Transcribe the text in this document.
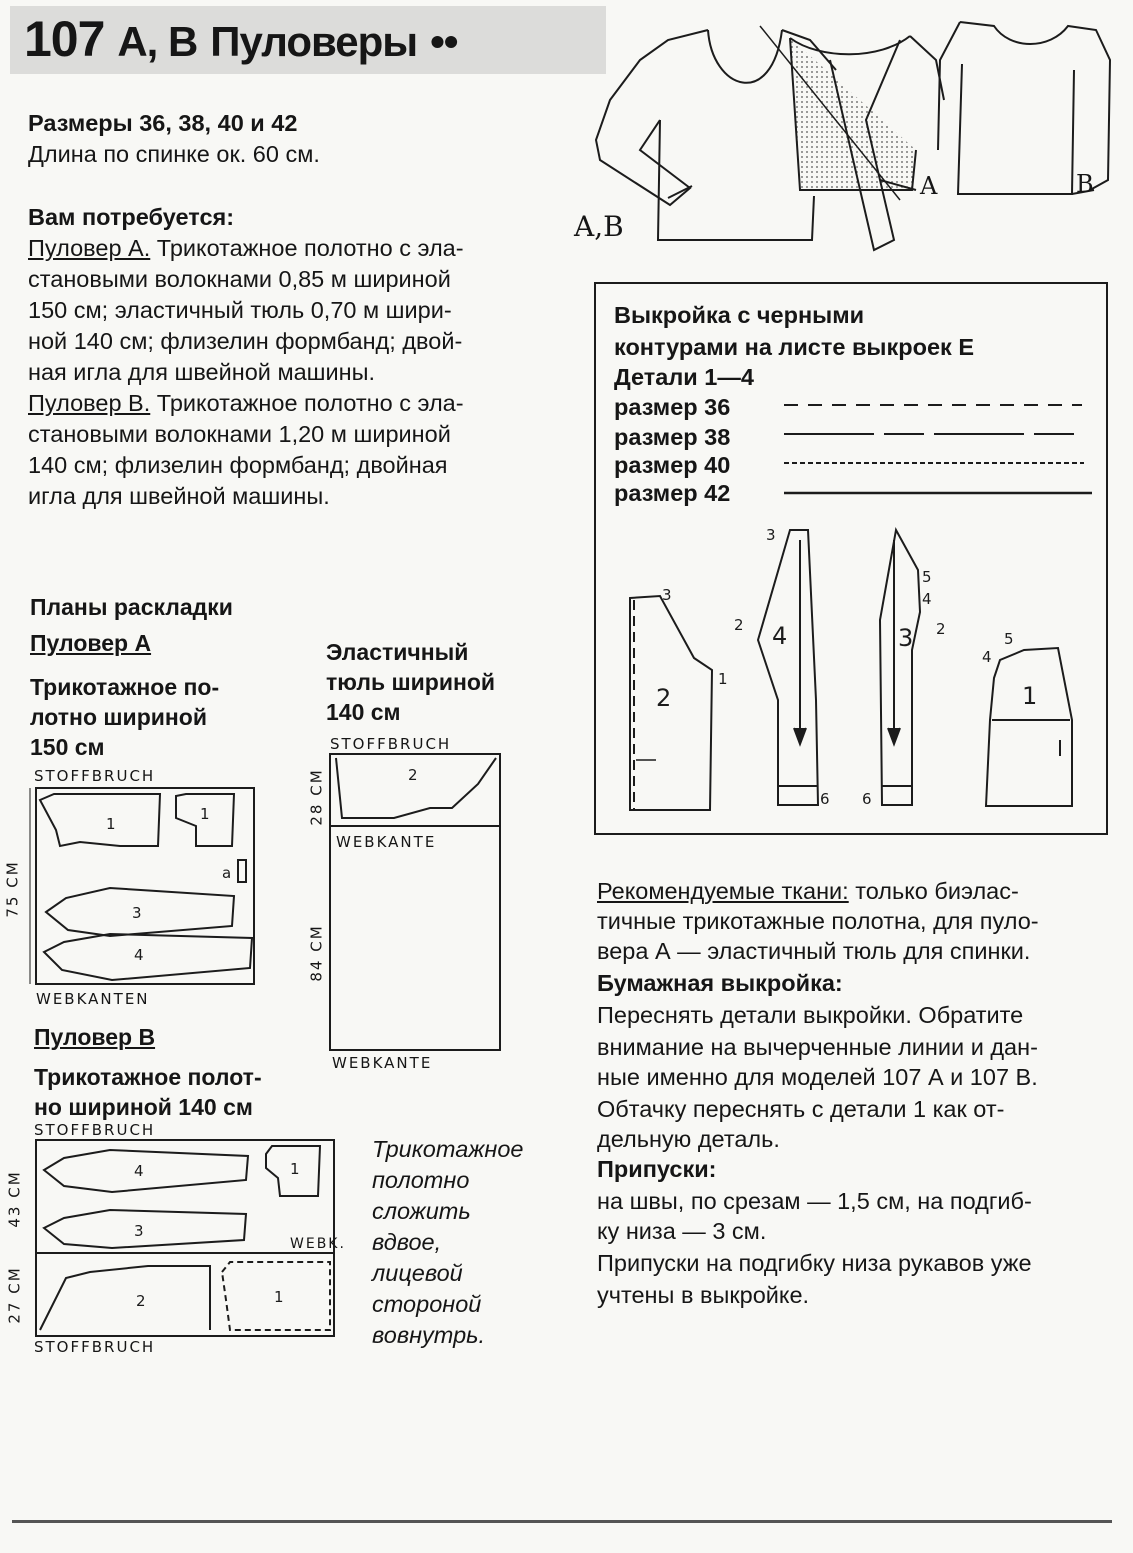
107 А, В Пуловеры ••
Размеры 36, 38, 40 и 42
Длина по спинке ок. 60 см.
Вам потребуется:
Пуловер А. Трикотажное полотно с эла-
становыми волокнами 0,85 м шириной
150 см; эластичный тюль 0,70 м шири-
ной 140 см; флизелин формбанд; двой-
ная игла для швейной машины.
Пуловер В. Трикотажное полотно с эла-
становыми волокнами 1,20 м шириной
140 см; флизелин формбанд; двойная
игла для швейной машины.
Планы раскладки
Пуловер А
Трикотажное по-
лотно шириной
150 см
Эластичный
тюль шириной
140 см
STOFFBRUCH
WEBKANTEN
75 CM
1
1
a
3
4
2
4	1
3
2	1
STOFFBRUCH
WEBKANTE
WEBKANTE
28 CM
84 CM
Пуловер В
Трикотажное полот-
но шириной 140 см
STOFFBRUCH
WEBK.
STOFFBRUCH
43 CM
27 CM
Трикотажное
полотно
сложить
вдвое,
лицевой
стороной
вовнутрь.
A,B
A	B
Выкройка с черными
контурами на листе выкроек E
Детали 1—4
размер 36
размер 38
размер 40
размер 42
2
4	3
1
3
1
3
2
6 6
5
4
2
4
5
Рекомендуемые ткани: только биэлас-
тичные трикотажные полотна, для пуло-
вера А — эластичный тюль для спинки.
Бумажная выкройка:
Переснять детали выкройки. Обратите
внимание на вычерченные линии и дан-
ные именно для моделей 107 А и 107 В.
Обтачку переснять с детали 1 как от-
дельную деталь.
Припуски:
на швы, по срезам — 1,5 см, на подгиб-
ку низа — 3 см.
Припуски на подгибку низа рукавов уже
учтены в выкройке.
